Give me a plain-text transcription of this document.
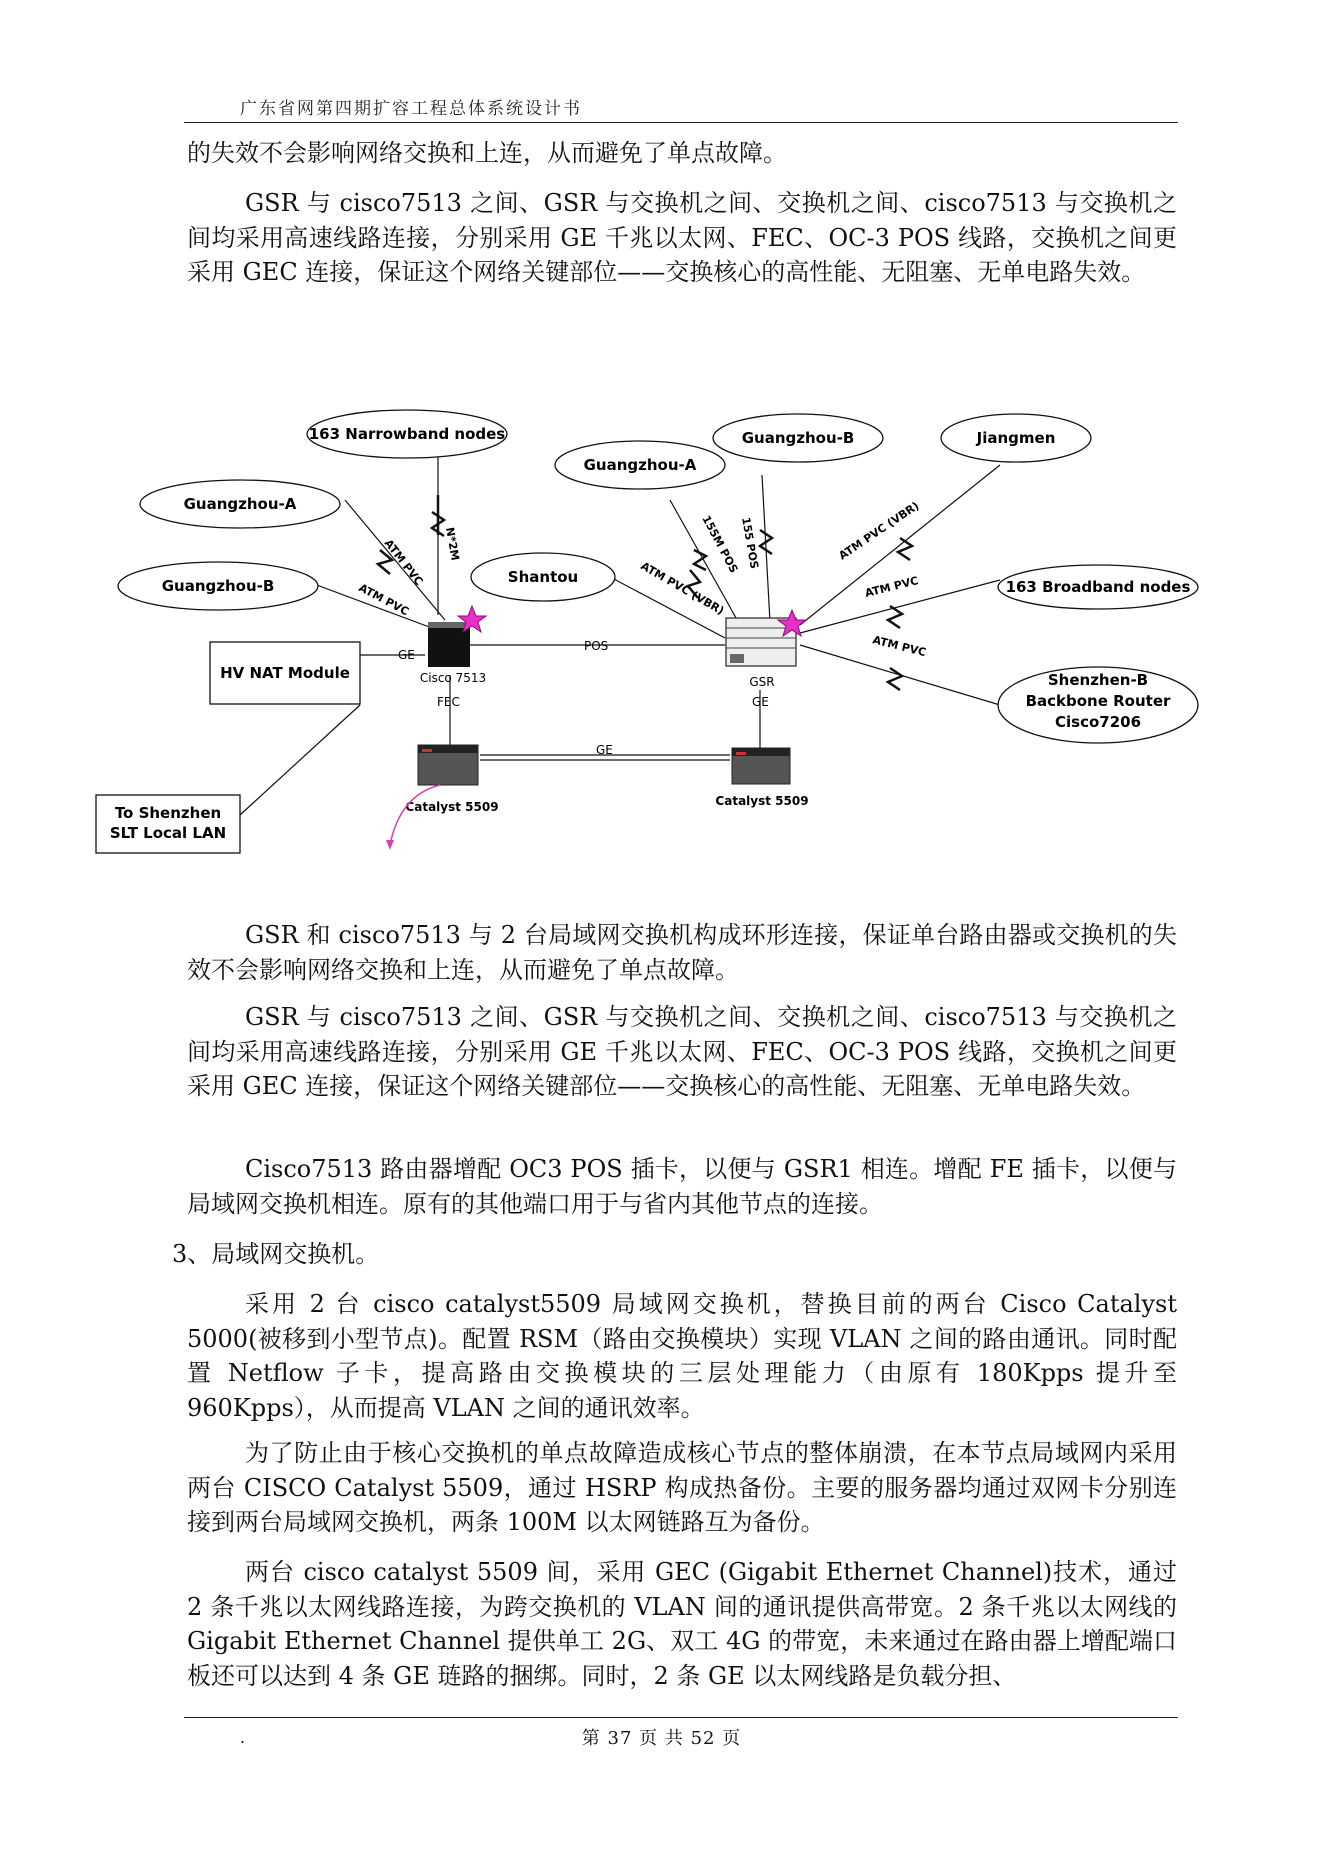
广东省网第四期扩容工程总体系统设计书

的失效不会影响网络交换和上连，从而避免了单点故障。

GSR 与 cisco7513 之间、GSR 与交换机之间、交换机之间、cisco7513 与交换机之间均采用高速线路连接，分别采用 GE 千兆以太网、FEC、OC-3 POS 线路，交换机之间更采用 GEC 连接，保证这个网络关键部位——交换核心的高性能、无阻塞、无单电路失效。

163 Narrowband nodes
Guangzhou-A
Guangzhou-B	Shantou
Guangzhou-A
Guangzhou-B	Jiangmen
163 Broadband nodes
Shenzhen-B
Backbone Router
Cisco7206
HV NAT Module
To Shenzhen
SLT Local LAN
Cisco 7513	GSR
Catalyst 5509	Catalyst 5509
ATM PVC N*2M
ATM PVC
GE
POS
FEC	GE
GE
ATM PVC (VBR)
155M POS
155 POS	ATM PVC (VBR)
ATM PVC
ATM PVC

GSR 和 cisco7513 与 2 台局域网交换机构成环形连接，保证单台路由器或交换机的失效不会影响网络交换和上连，从而避免了单点故障。

GSR 与 cisco7513 之间、GSR 与交换机之间、交换机之间、cisco7513 与交换机之间均采用高速线路连接，分别采用 GE 千兆以太网、FEC、OC-3 POS 线路，交换机之间更采用 GEC 连接，保证这个网络关键部位——交换核心的高性能、无阻塞、无单电路失效。

Cisco7513 路由器增配 OC3 POS 插卡，以便与 GSR1 相连。增配 FE 插卡，以便与局域网交换机相连。原有的其他端口用于与省内其他节点的连接。

3、局域网交换机。

采用 2 台 cisco catalyst5509 局域网交换机，替换目前的两台 Cisco Catalyst 5000(被移到小型节点)。配置 RSM（路由交换模块）实现 VLAN 之间的路由通讯。同时配置 Netflow 子卡，提高路由交换模块的三层处理能力（由原有 180Kpps 提升至 960Kpps），从而提高 VLAN 之间的通讯效率。

为了防止由于核心交换机的单点故障造成核心节点的整体崩溃，在本节点局域网内采用两台 CISCO Catalyst 5509，通过 HSRP 构成热备份。主要的服务器均通过双网卡分别连接到两台局域网交换机，两条 100M 以太网链路互为备份。

两台 cisco catalyst 5509 间，采用 GEC (Gigabit Ethernet Channel)技术，通过 2 条千兆以太网线路连接，为跨交换机的 VLAN 间的通讯提供高带宽。2 条千兆以太网线的 Gigabit Ethernet Channel 提供单工 2G、双工 4G 的带宽，未来通过在路由器上增配端口板还可以达到 4 条 GE 琏路的捆绑。同时，2 条 GE 以太网线路是负载分担、

.	第 37 页 共 52 页
